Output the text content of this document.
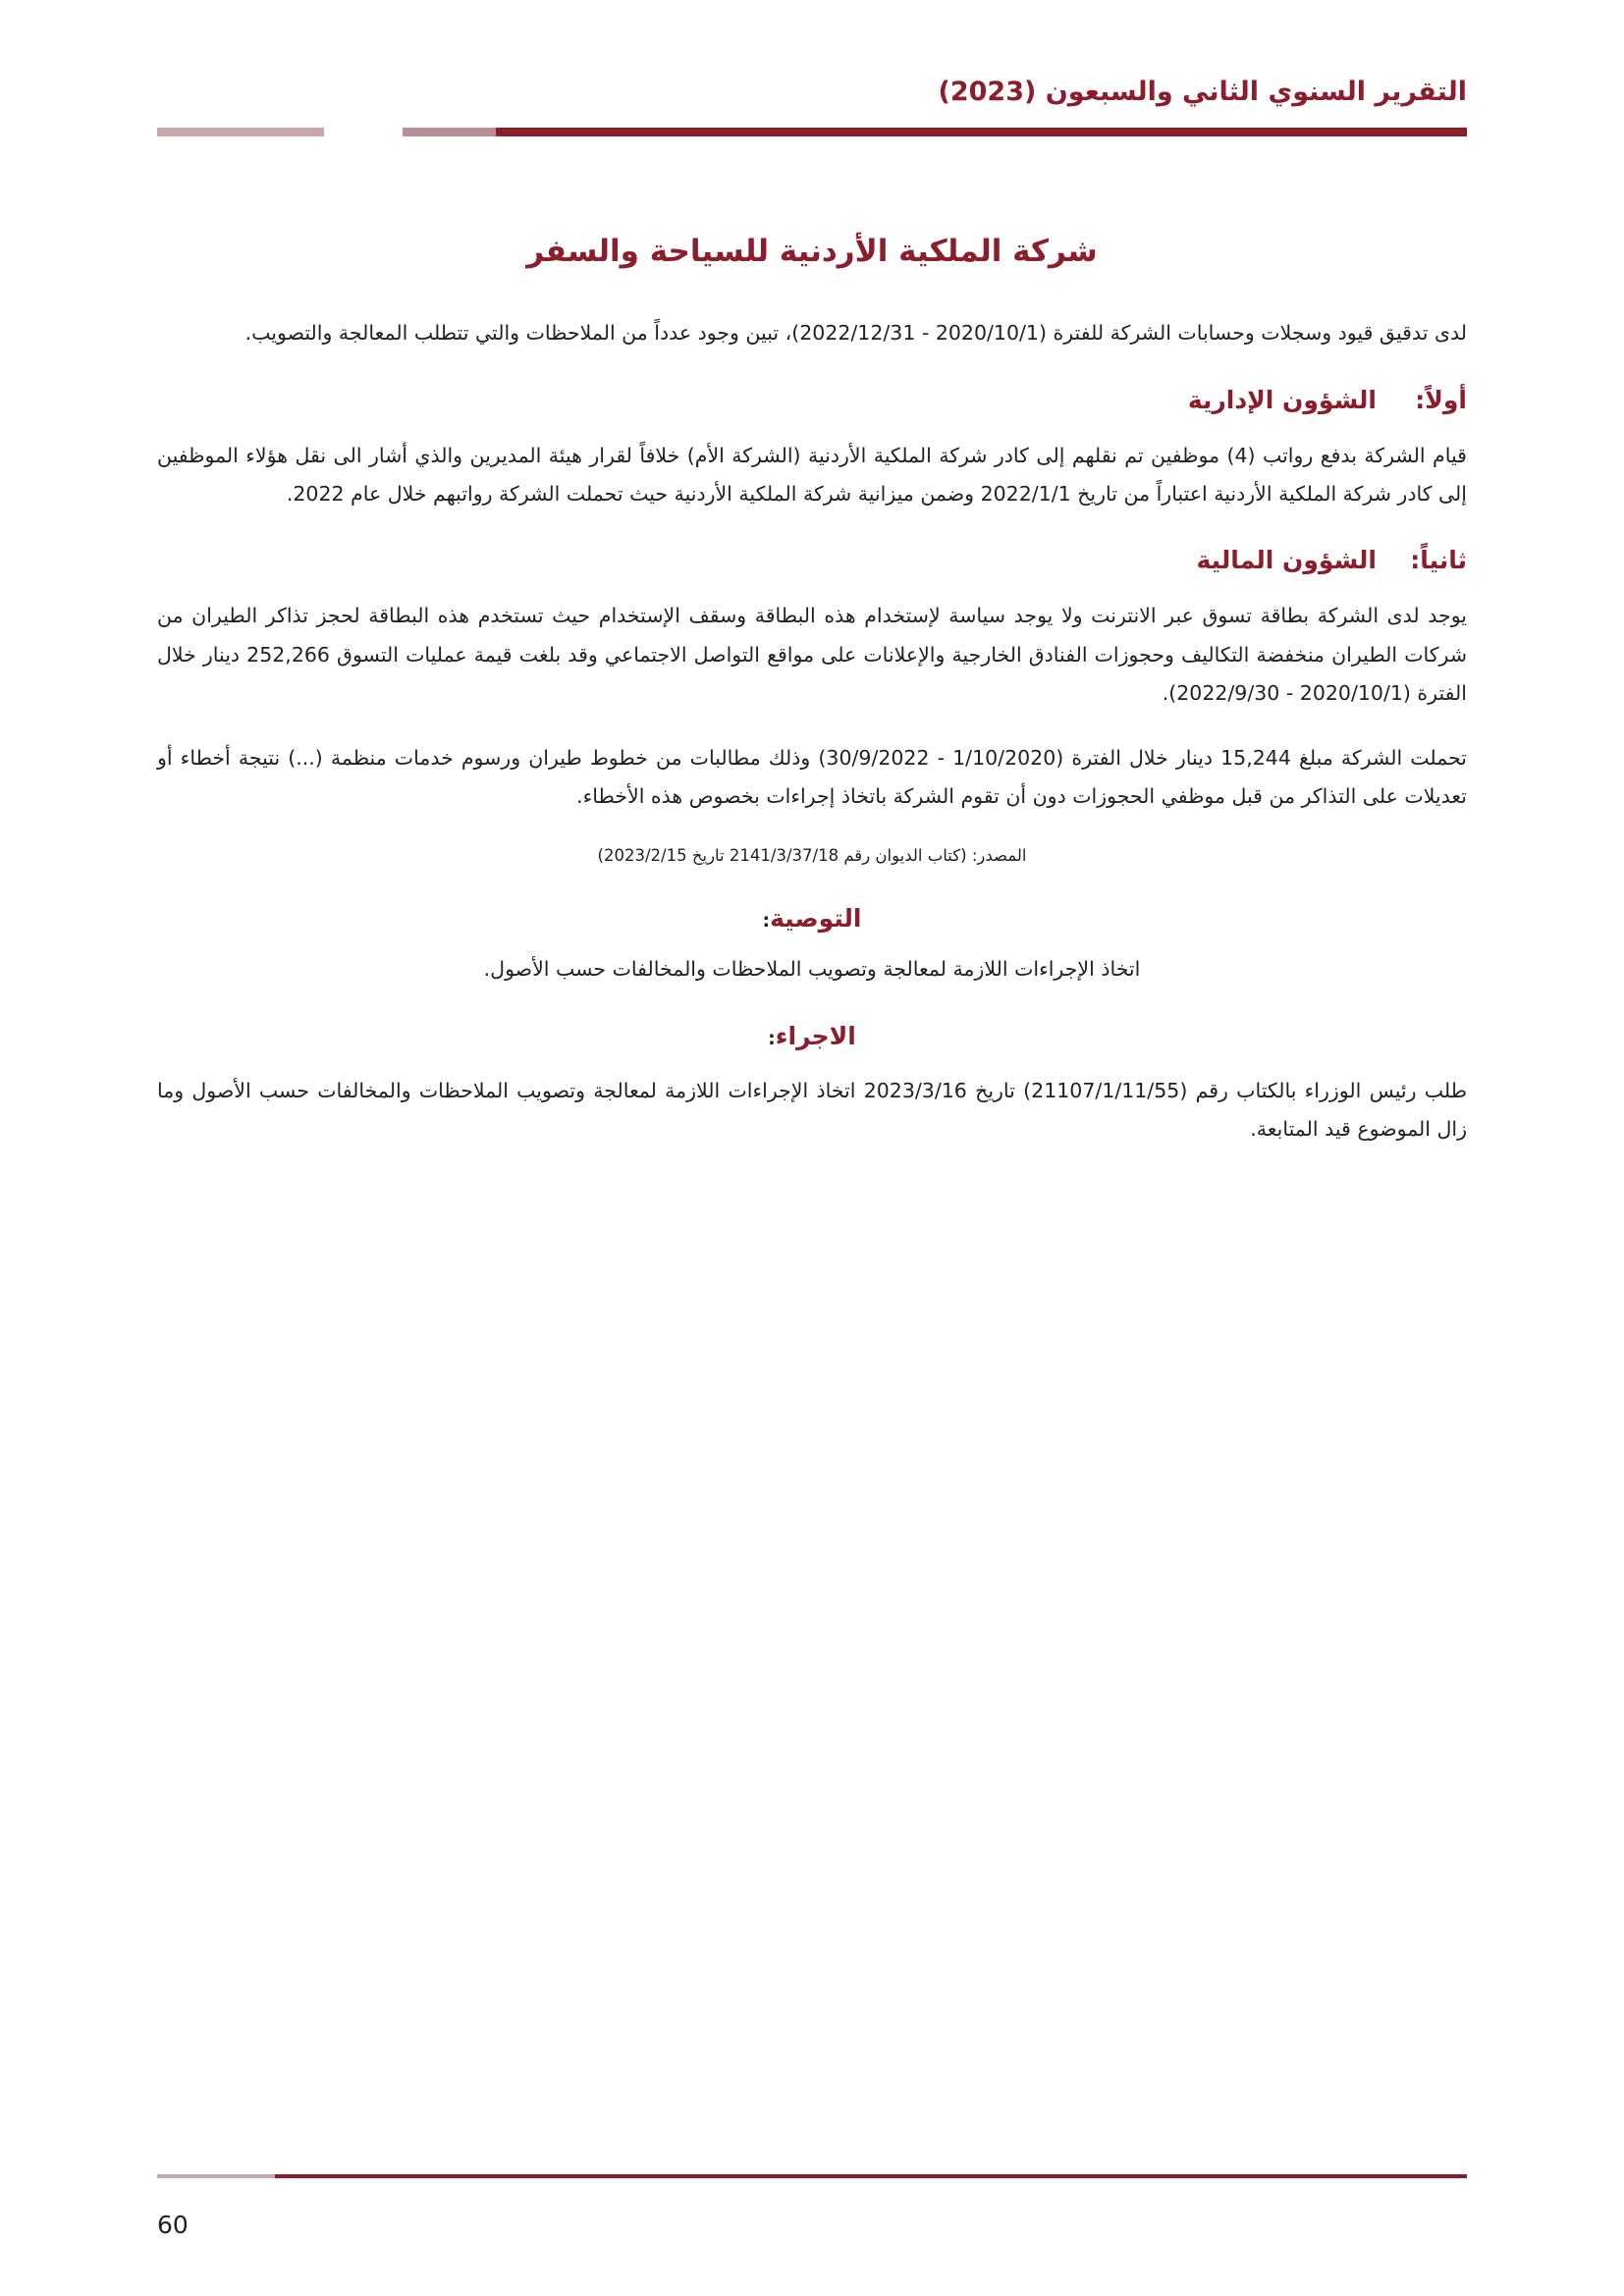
التقرير السنوي الثاني والسبعون (2023)
شركة الملكية الأردنية للسياحة والسفر

لدى تدقيق قيود وسجلات وحسابات الشركة للفترة (2020/10/1 - 2022/12/31)، تبين وجود عدداً من الملاحظات والتي تتطلب المعالجة والتصويب.

أولاً:الشؤون الإدارية

قيام الشركة بدفع رواتب (4) موظفين تم نقلهم إلى كادر شركة الملكية الأردنية (الشركة الأم) خلافاً لقرار هيئة المديرين والذي أشار الى نقل هؤلاء الموظفين إلى كادر شركة الملكية الأردنية اعتباراً من تاريخ 2022/1/1 وضمن ميزانية شركة الملكية الأردنية حيث تحملت الشركة رواتبهم خلال عام 2022.

ثانياً:الشؤون المالية

يوجد لدى الشركة بطاقة تسوق عبر الانترنت ولا يوجد سياسة لإستخدام هذه البطاقة وسقف الإستخدام حيث تستخدم هذه البطاقة لحجز تذاكر الطيران من شركات الطيران منخفضة التكاليف وحجوزات الفنادق الخارجية والإعلانات على مواقع التواصل الاجتماعي وقد بلغت قيمة عمليات التسوق 252,266 دينار خلال الفترة (2020/10/1 - 2022/9/30).

تحملت الشركة مبلغ 15,244 دينار خلال الفترة (1/10/2020 - 30/9/2022) وذلك مطالبات من خطوط طيران ورسوم خدمات منظمة (...) نتيجة أخطاء أو تعديلات على التذاكر من قبل موظفي الحجوزات دون أن تقوم الشركة باتخاذ إجراءات بخصوص هذه الأخطاء.

المصدر: (كتاب الديوان رقم 2141/3/37/18 تاريخ 2023/2/15)

التوصية:

اتخاذ الإجراءات اللازمة لمعالجة وتصويب الملاحظات والمخالفات حسب الأصول.

الاجراء:

طلب رئيس الوزراء بالكتاب رقم (21107/1/11/55) تاريخ 2023/3/16 اتخاذ الإجراءات اللازمة لمعالجة وتصويب الملاحظات والمخالفات حسب الأصول وما زال الموضوع قيد المتابعة.

60
